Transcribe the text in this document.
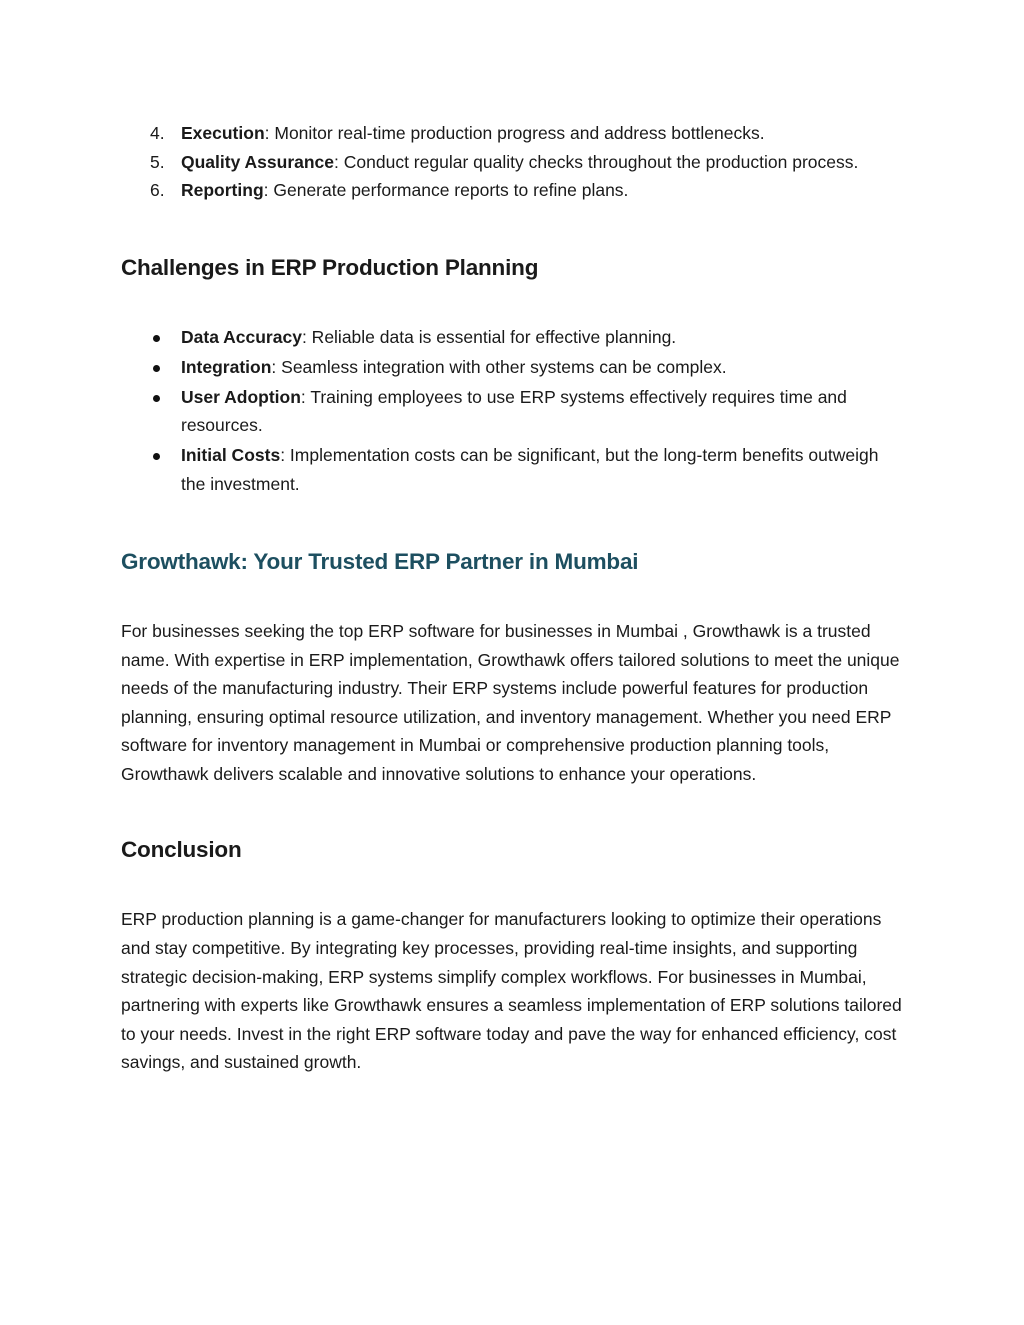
4. Execution: Monitor real-time production progress and address bottlenecks.
5. Quality Assurance: Conduct regular quality checks throughout the production process.
6. Reporting: Generate performance reports to refine plans.
Challenges in ERP Production Planning
Data Accuracy: Reliable data is essential for effective planning.
Integration: Seamless integration with other systems can be complex.
User Adoption: Training employees to use ERP systems effectively requires time and resources.
Initial Costs: Implementation costs can be significant, but the long-term benefits outweigh the investment.
Growthawk: Your Trusted ERP Partner in Mumbai
For businesses seeking the top ERP software for businesses in Mumbai , Growthawk is a trusted name. With expertise in ERP implementation, Growthawk offers tailored solutions to meet the unique needs of the manufacturing industry. Their ERP systems include powerful features for production planning, ensuring optimal resource utilization, and inventory management. Whether you need ERP software for inventory management in Mumbai or comprehensive production planning tools, Growthawk delivers scalable and innovative solutions to enhance your operations.
Conclusion
ERP production planning is a game-changer for manufacturers looking to optimize their operations and stay competitive. By integrating key processes, providing real-time insights, and supporting strategic decision-making, ERP systems simplify complex workflows. For businesses in Mumbai, partnering with experts like Growthawk ensures a seamless implementation of ERP solutions tailored to your needs. Invest in the right ERP software today and pave the way for enhanced efficiency, cost savings, and sustained growth.
